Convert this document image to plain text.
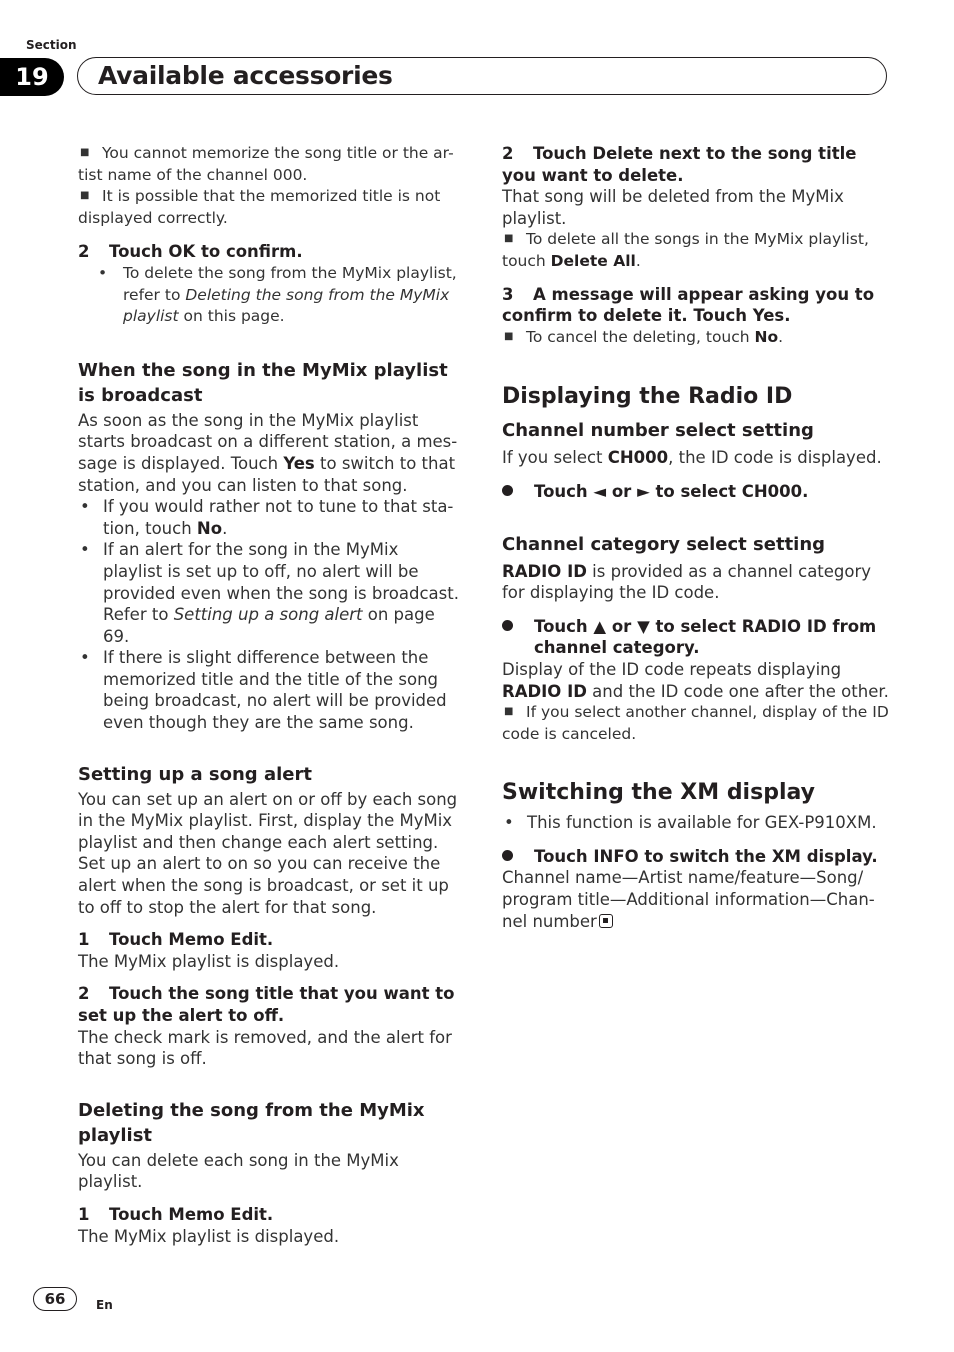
Section
19	Available accessories
■ You cannot memorize the song title or the ar-
tist name of the channel 000.
■ It is possible that the memorized title is not
displayed correctly.
2 Touch OK to confirm.
• To delete the song from the MyMix playlist, refer to Deleting the song from the MyMix playlist on this page.
When the song in the MyMix playlist is broadcast

As soon as the song in the MyMix playlist starts broadcast on a different station, a mes-sage is displayed. Touch Yes to switch to that station, and you can listen to that song.

• If you would rather not to tune to that sta-tion, touch No.
• If an alert for the song in the MyMix playlist is set up to off, no alert will be provided even when the song is broadcast. Refer to Setting up a song alert on page 69.
• If there is slight difference between the memorized title and the title of the song being broadcast, no alert will be provided even though they are the same song.
Setting up a song alert

You can set up an alert on or off by each song in the MyMix playlist. First, display the MyMix playlist and then change each alert setting. Set up an alert to on so you can receive the alert when the song is broadcast, or set it up to off to stop the alert for that song.

1 Touch Memo Edit.

The MyMix playlist is displayed.

2 Touch the song title that you want to set up the alert to off.

The check mark is removed, and the alert for that song is off.

Deleting the song from the MyMix playlist

You can delete each song in the MyMix playlist.

1 Touch Memo Edit.

The MyMix playlist is displayed.

2 Touch Delete next to the song title you want to delete.

That song will be deleted from the MyMix playlist.

■ To delete all the songs in the MyMix playlist,
touch Delete All.
3 A message will appear asking you to confirm to delete it. Touch Yes.
■ To cancel the deleting, touch No.
Displaying the Radio ID
Channel number select setting

If you select CH000, the ID code is displayed.

Touch ◄ or ► to select CH000.
Channel category select setting

RADIO ID is provided as a channel category for displaying the ID code.

Touch ▲ or ▼ to select RADIO ID from channel category.

Display of the ID code repeats displaying RADIO ID and the ID code one after the other.

■ If you select another channel, display of the ID
code is canceled.
Switching the XM display
• This function is available for GEX-P910XM.
Touch INFO to switch the XM display.

Channel name—Artist name/feature—Song/ program title—Additional information—Chan-nel number

66	En
